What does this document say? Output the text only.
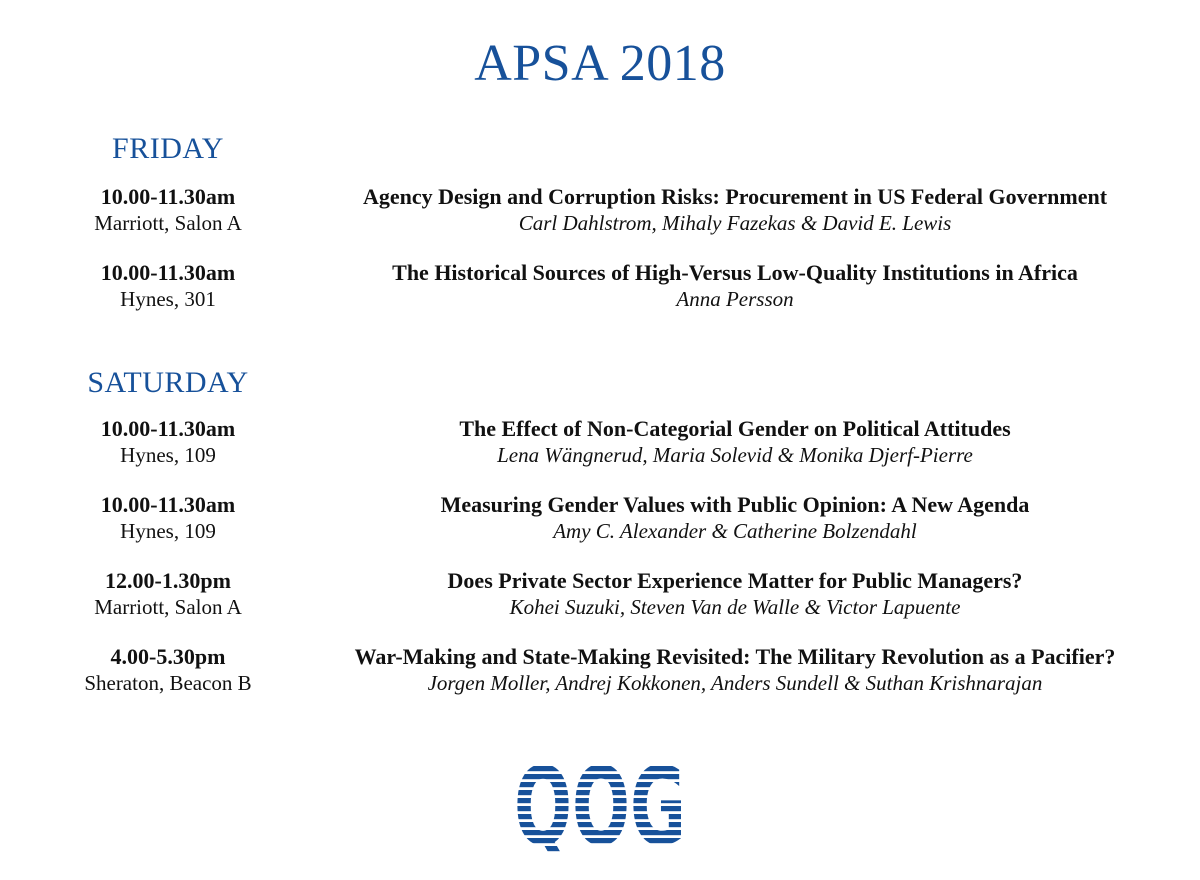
APSA 2018
FRIDAY
10.00-11.30am
Marriott, Salon A
Agency Design and Corruption Risks: Procurement in US Federal Government
Carl Dahlstrom, Mihaly Fazekas & David E. Lewis
10.00-11.30am
Hynes, 301
The Historical Sources of High-Versus Low-Quality Institutions in Africa
Anna Persson
SATURDAY
10.00-11.30am
Hynes, 109
The Effect of Non-Categorial Gender on Political Attitudes
Lena Wängnerud, Maria Solevid & Monika Djerf-Pierre
10.00-11.30am
Hynes, 109
Measuring Gender Values with Public Opinion: A New Agenda
Amy C. Alexander & Catherine Bolzendahl
12.00-1.30pm
Marriott, Salon A
Does Private Sector Experience Matter for Public Managers?
Kohei Suzuki, Steven Van de Walle & Victor Lapuente
4.00-5.30pm
Sheraton, Beacon B
War-Making and State-Making Revisited: The Military Revolution as a Pacifier?
Jorgen Moller, Andrej Kokkonen, Anders Sundell & Suthan Krishnarajan
